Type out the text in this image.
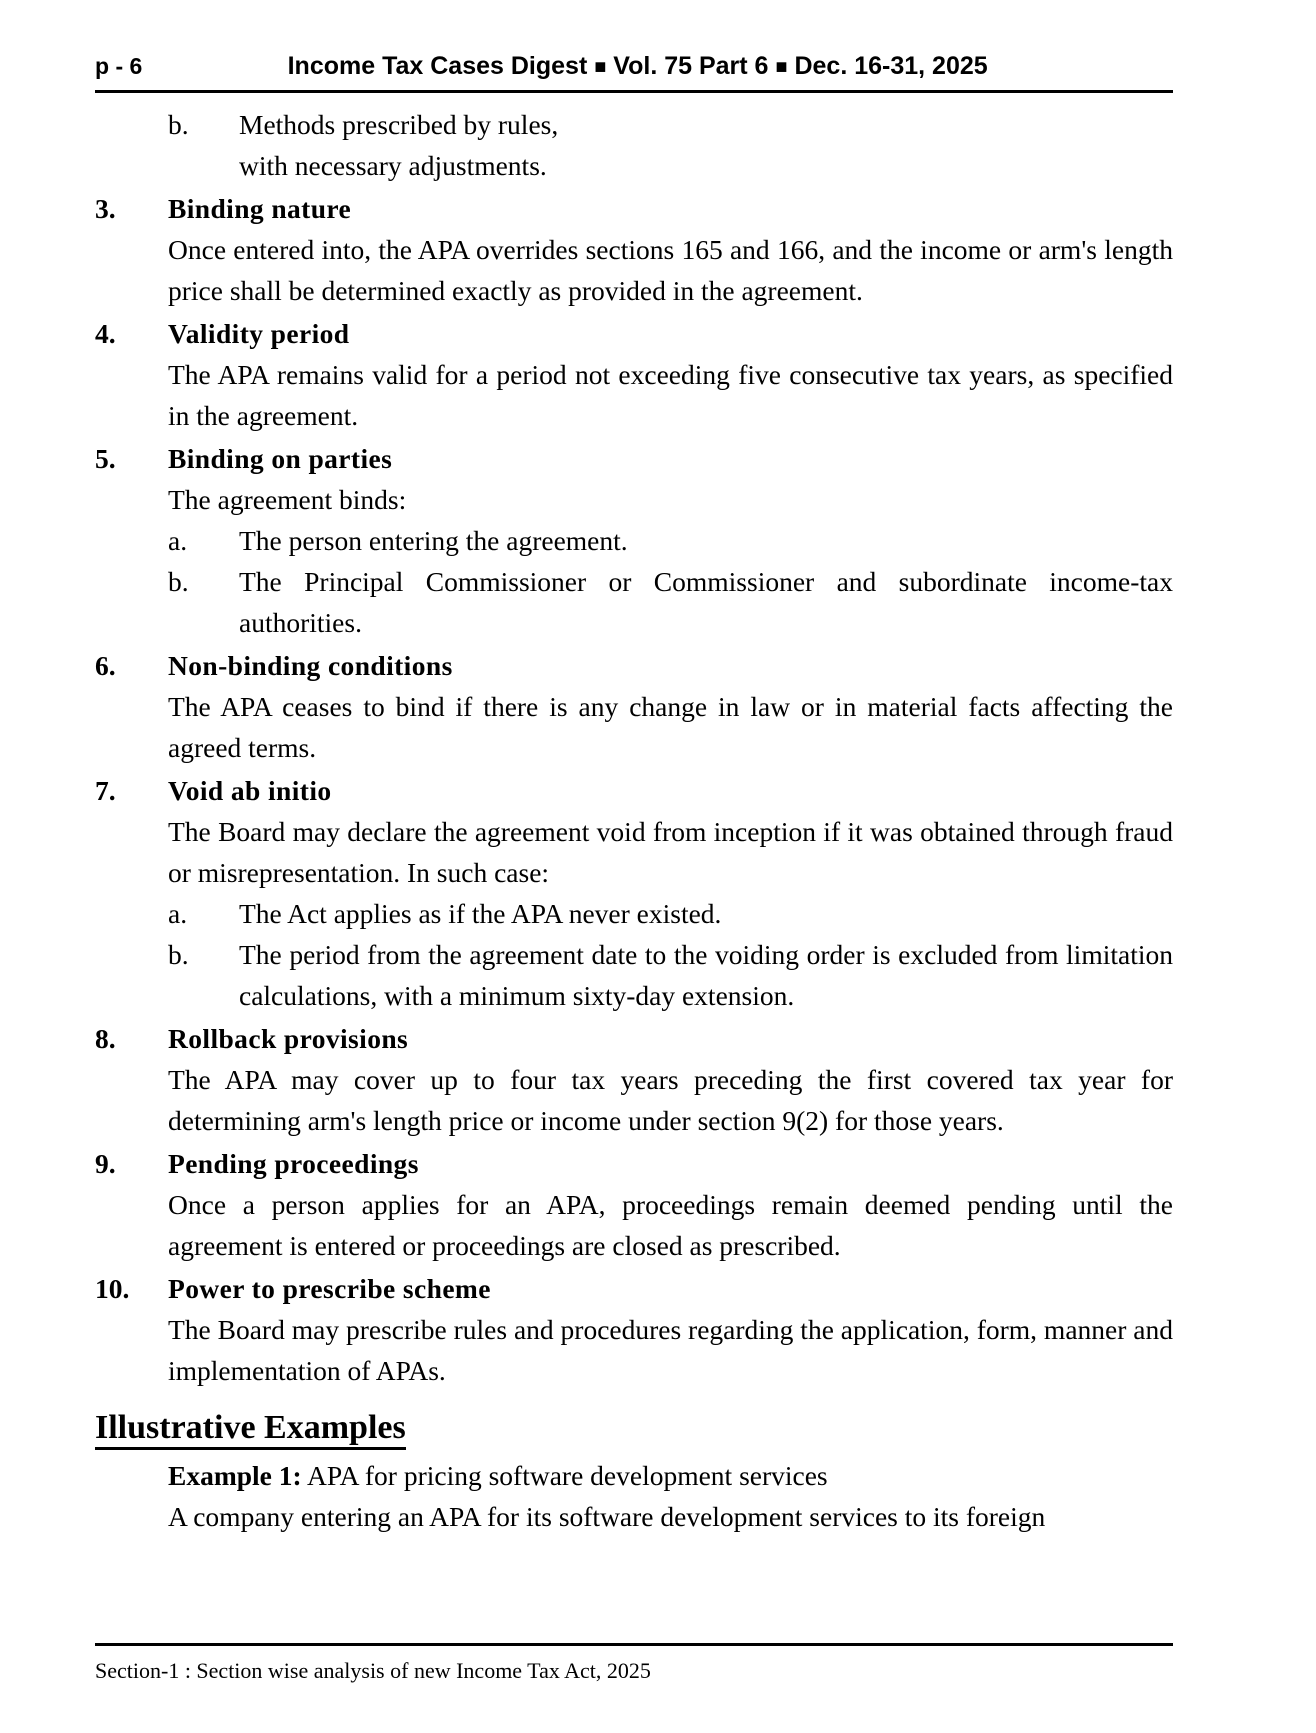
p - 6	Income Tax Cases Digest ■ Vol. 75 Part 6 ■ Dec. 16-31, 2025
b.	Methods prescribed by rules,
with necessary adjustments.
3.	Binding nature
Once entered into, the APA overrides sections 165 and 166, and the income or arm's length price shall be determined exactly as provided in the agreement.
4.	Validity period
The APA remains valid for a period not exceeding five consecutive tax years, as specified in the agreement.
5.	Binding on parties
The agreement binds:
a.	The person entering the agreement.
b.	The Principal Commissioner or Commissioner and subordinate income-tax authorities.
6.	Non-binding conditions
The APA ceases to bind if there is any change in law or in material facts affecting the agreed terms.
7.	Void ab initio
The Board may declare the agreement void from inception if it was obtained through fraud or misrepresentation. In such case:
a.	The Act applies as if the APA never existed.
b.	The period from the agreement date to the voiding order is excluded from limitation calculations, with a minimum sixty-day extension.
8.	Rollback provisions
The APA may cover up to four tax years preceding the first covered tax year for determining arm's length price or income under section 9(2) for those years.
9.	Pending proceedings
Once a person applies for an APA, proceedings remain deemed pending until the agreement is entered or proceedings are closed as prescribed.
10.	Power to prescribe scheme
The Board may prescribe rules and procedures regarding the application, form, manner and implementation of APAs.
Illustrative Examples
Example 1: APA for pricing software development services
A company entering an APA for its software development services to its foreign
Section-1 : Section wise analysis of new Income Tax Act, 2025
